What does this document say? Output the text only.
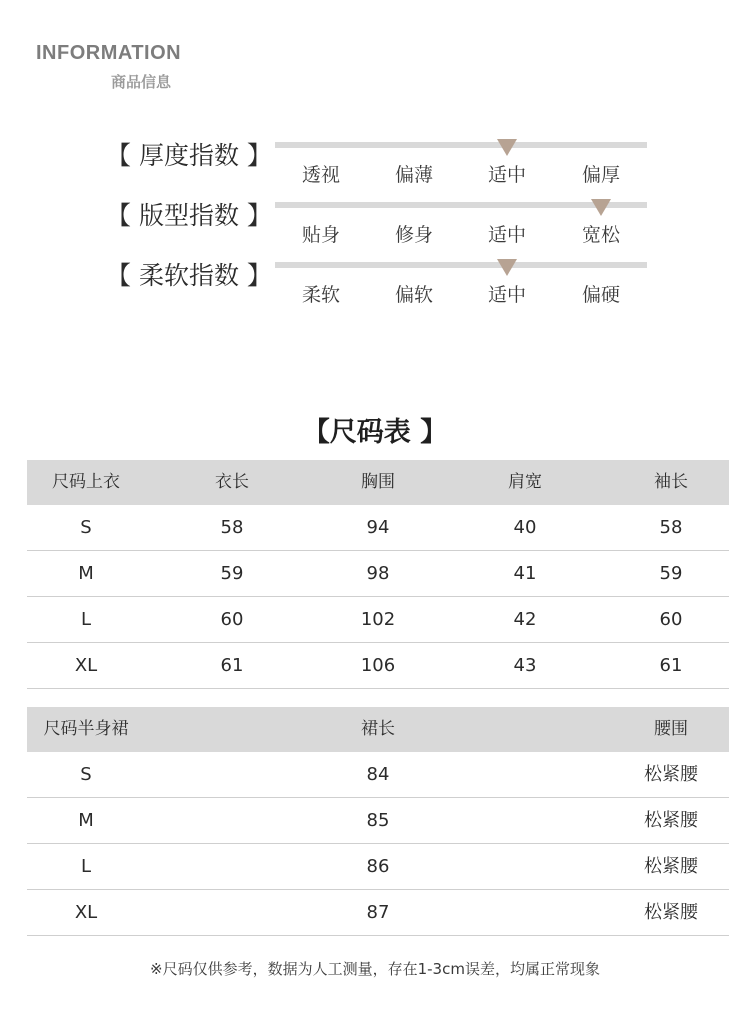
INFORMATION
商品信息
【 厚度指数 】
透视	偏薄	适中	偏厚
【 版型指数 】
贴身	修身	适中	宽松
【 柔软指数 】
柔软	偏软	适中	偏硬
【尺码表 】
尺码上衣	衣长	胸围	肩宽	袖长
S	58	94	40	58
M	59	98	41	59
L	60	102	42	60
XL	61	106	43	61
尺码半身裙	裙长	腰围
S	84	松紧腰
M	85	松紧腰
L	86	松紧腰
XL	87	松紧腰
※尺码仅供参考，数据为人工测量，存在1-3cm误差，均属正常现象
